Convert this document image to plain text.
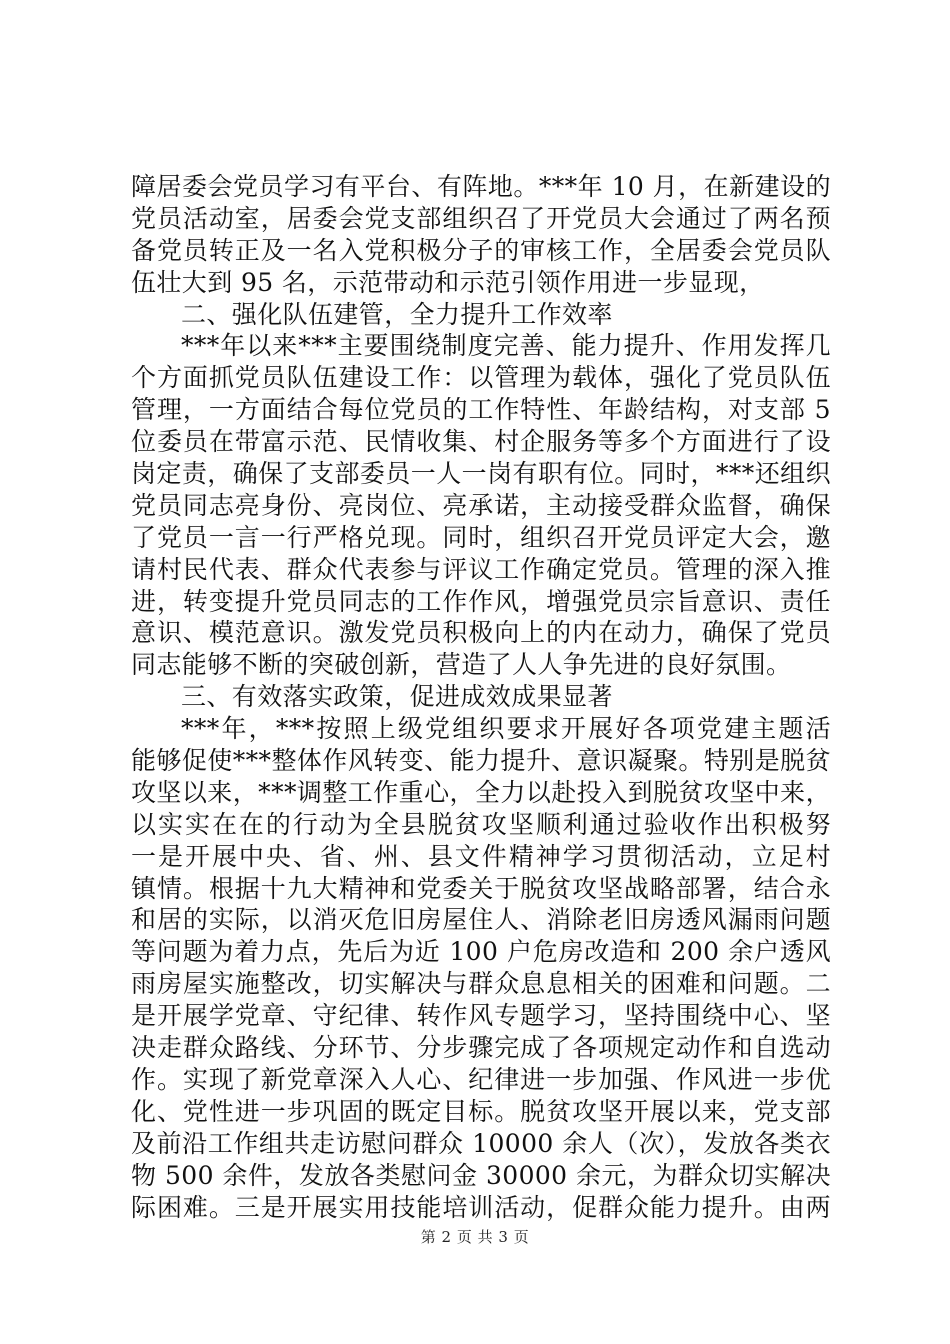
障居委会党员学习有平台、有阵地。***年 10 月，在新建设的
党员活动室，居委会党支部组织召了开党员大会通过了两名预
备党员转正及一名入党积极分子的审核工作，全居委会党员队
伍壮大到 95 名，示范带动和示范引领作用进一步显现，
二、强化队伍建管，全力提升工作效率
***年以来***主要围绕制度完善、能力提升、作用发挥几
个方面抓党员队伍建设工作：以管理为载体，强化了党员队伍
管理，一方面结合每位党员的工作特性、年龄结构，对支部 5
位委员在带富示范、民情收集、村企服务等多个方面进行了设
岗定责，确保了支部委员一人一岗有职有位。同时，***还组织
党员同志亮身份、亮岗位、亮承诺，主动接受群众监督，确保
了党员一言一行严格兑现。同时，组织召开党员评定大会，邀
请村民代表、群众代表参与评议工作确定党员。管理的深入推
进，转变提升党员同志的工作作风，增强党员宗旨意识、责任
意识、模范意识。激发党员积极向上的内在动力，确保了党员
同志能够不断的突破创新，营造了人人争先进的良好氛围。
三、有效落实政策，促进成效成果显著
***年，***按照上级党组织要求开展好各项党建主题活
能够促使***整体作风转变、能力提升、意识凝聚。特别是脱贫
攻坚以来，***调整工作重心，全力以赴投入到脱贫攻坚中来，
以实实在在的行动为全县脱贫攻坚顺利通过验收作出积极努
一是开展中央、省、州、县文件精神学习贯彻活动，立足村
镇情。根据十九大精神和党委关于脱贫攻坚战略部署，结合永
和居的实际，以消灭危旧房屋住人、消除老旧房透风漏雨问题
等问题为着力点，先后为近 100 户危房改造和 200 余户透风
雨房屋实施整改，切实解决与群众息息相关的困难和问题。二
是开展学党章、守纪律、转作风专题学习，坚持围绕中心、坚
决走群众路线、分环节、分步骤完成了各项规定动作和自选动
作。实现了新党章深入人心、纪律进一步加强、作风进一步优
化、党性进一步巩固的既定目标。脱贫攻坚开展以来，党支部
及前沿工作组共走访慰问群众 10000 余人（次），发放各类衣
物 500 余件，发放各类慰问金 30000 余元，为群众切实解决
际困难。三是开展实用技能培训活动，促群众能力提升。由两
第 2 页 共 3 页
